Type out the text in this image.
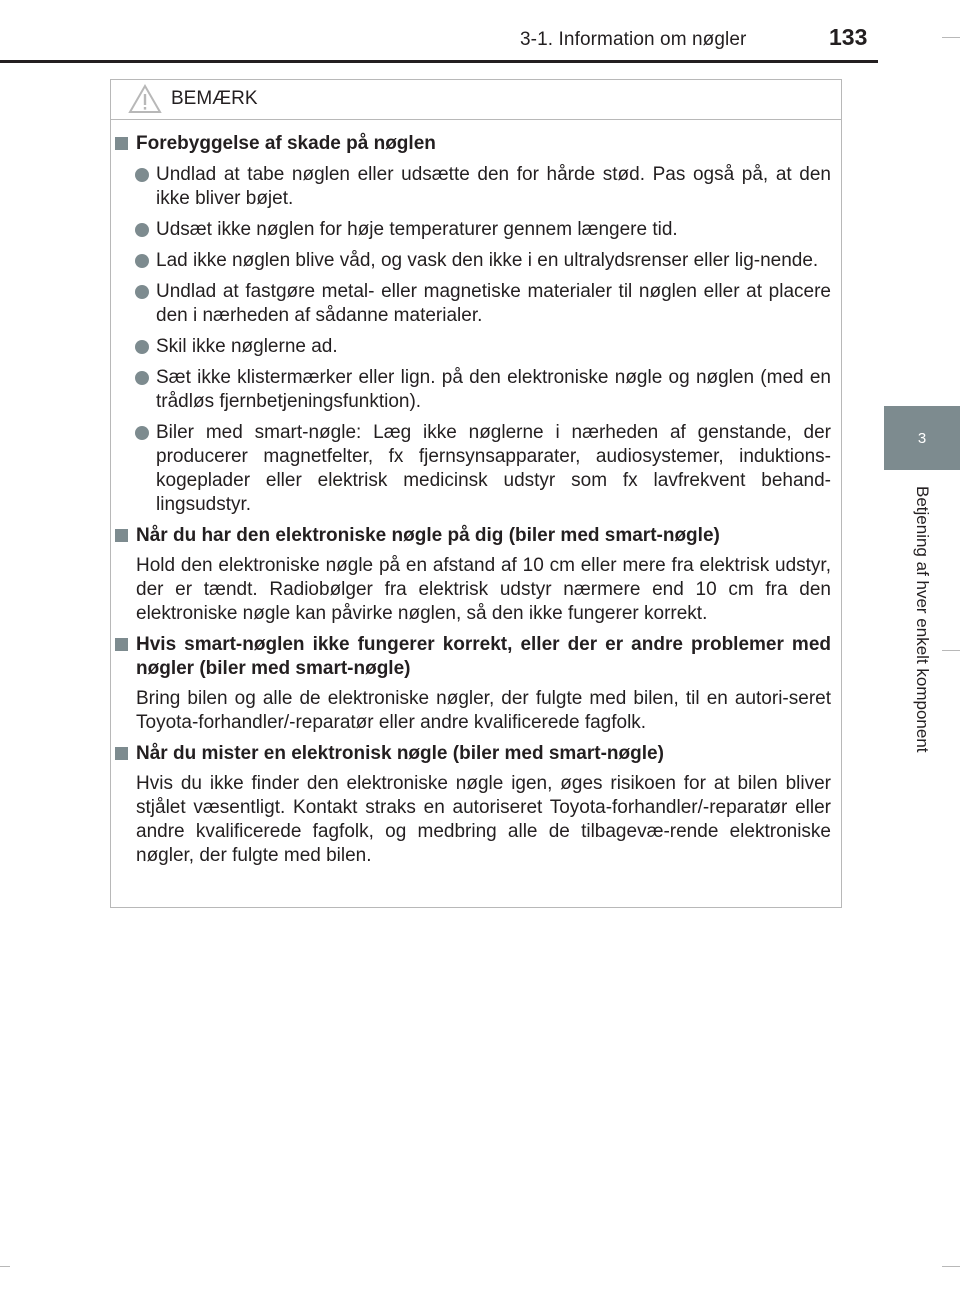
3-1. Information om nøgler	133
3
Betjening af hver enkelt komponent
BEMÆRK
Forebyggelse af skade på nøglen
Undlad at tabe nøglen eller udsætte den for hårde stød. Pas også på, at den ikke bliver bøjet.
Udsæt ikke nøglen for høje temperaturer gennem længere tid.
Lad ikke nøglen blive våd, og vask den ikke i en ultralydsrenser eller lig-nende.
Undlad at fastgøre metal- eller magnetiske materialer til nøglen eller at placere den i nærheden af sådanne materialer.
Skil ikke nøglerne ad.
Sæt ikke klistermærker eller lign. på den elektroniske nøgle og nøglen (med en trådløs fjernbetjeningsfunktion).
Biler med smart-nøgle: Læg ikke nøglerne i nærheden af genstande, der producerer magnetfelter, fx fjernsynsapparater, audiosystemer, induktions-kogeplader eller elektrisk medicinsk udstyr som fx lavfrekvent behand-lingsudstyr.
Når du har den elektroniske nøgle på dig (biler med smart-nøgle)
Hold den elektroniske nøgle på en afstand af 10 cm eller mere fra elektrisk udstyr, der er tændt. Radiobølger fra elektrisk udstyr nærmere end 10 cm fra den elektroniske nøgle kan påvirke nøglen, så den ikke fungerer korrekt.
Hvis smart-nøglen ikke fungerer korrekt, eller der er andre problemer med nøgler (biler med smart-nøgle)
Bring bilen og alle de elektroniske nøgler, der fulgte med bilen, til en autori-seret Toyota-forhandler/-reparatør eller andre kvalificerede fagfolk.
Når du mister en elektronisk nøgle (biler med smart-nøgle)
Hvis du ikke finder den elektroniske nøgle igen, øges risikoen for at bilen bliver stjålet væsentligt. Kontakt straks en autoriseret Toyota-forhandler/-reparatør eller andre kvalificerede fagfolk, og medbring alle de tilbagevæ-rende elektroniske nøgler, der fulgte med bilen.
